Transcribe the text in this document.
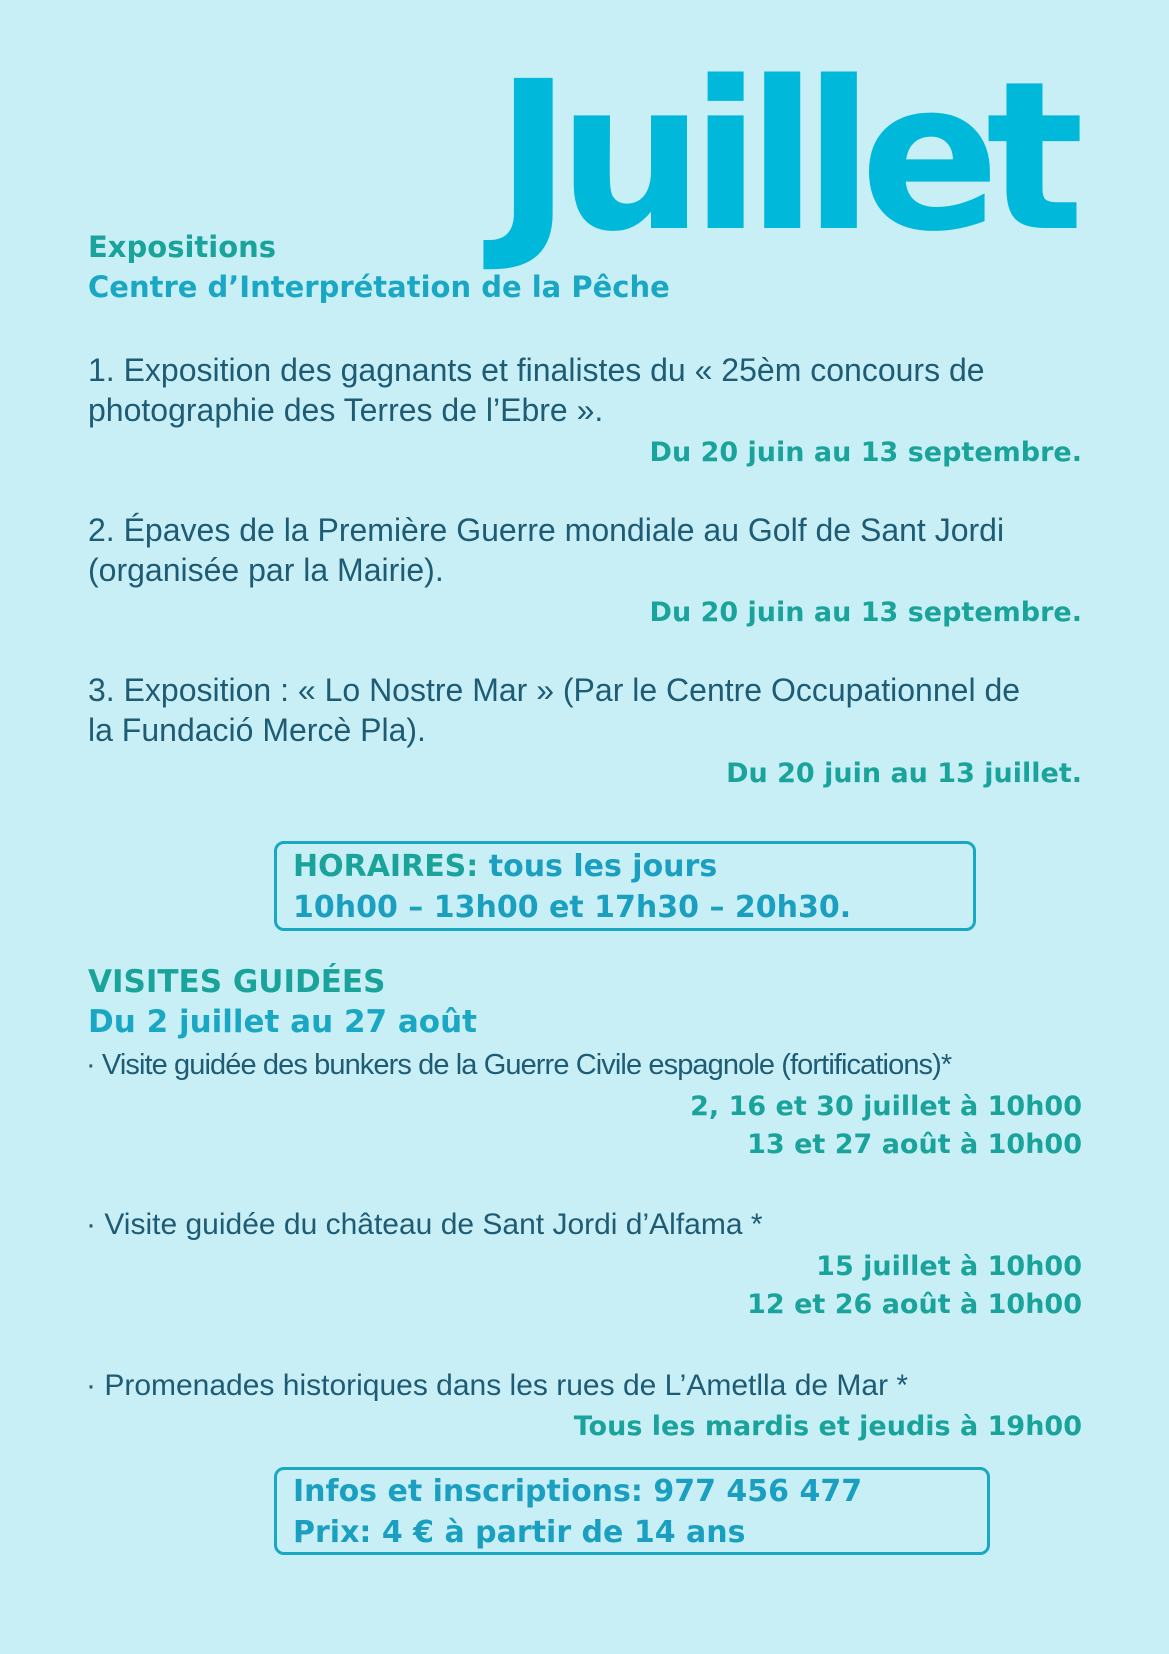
Juillet
Expositions
Centre d’Interprétation de la Pêche
1. Exposition des gagnants et finalistes du « 25èm concours de
photographie des Terres de l’Ebre ».
Du 20 juin au 13 septembre.
2. Épaves de la Première Guerre mondiale au Golf de Sant Jordi
(organisée par la Mairie).
Du 20 juin au 13 septembre.
3. Exposition : « Lo Nostre Mar » (Par le Centre Occupationnel de
la Fundació Mercè Pla).
Du 20 juin au 13 juillet.
HORAIRES: tous les jours
10h00 – 13h00 et 17h30 – 20h30.
VISITES GUIDÉES
Du 2 juillet au 27 août
· Visite guidée des bunkers de la Guerre Civile espagnole (fortifications)*
2, 16 et 30 juillet à 10h00
13 et 27 août à 10h00
· Visite guidée du château de Sant Jordi d’Alfama *
15 juillet à 10h00
12 et 26 août à 10h00
· Promenades historiques dans les rues de L’Ametlla de Mar *
Tous les mardis et jeudis à 19h00
Infos et inscriptions: 977 456 477
Prix: 4 € à partir de 14 ans
